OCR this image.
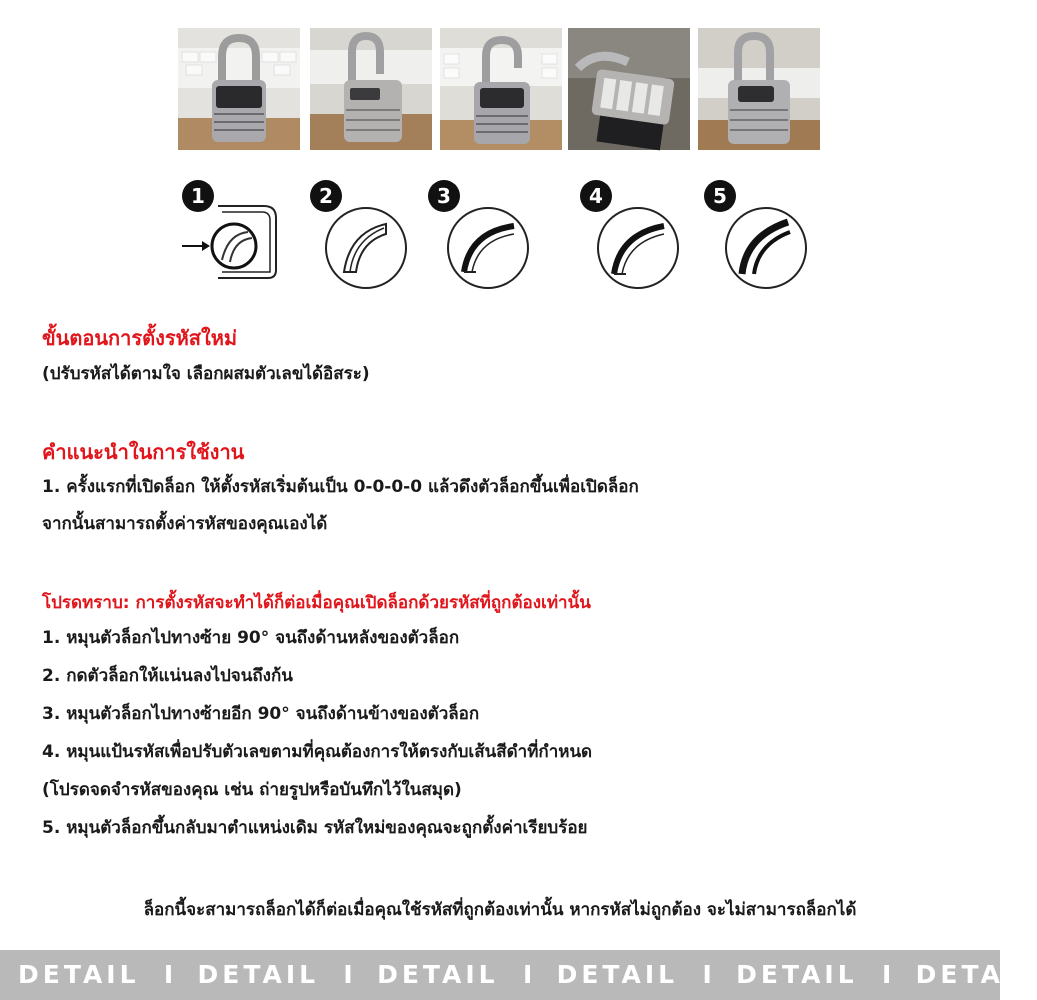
1	2	3	4	5
ขั้นตอนการตั้งรหัสใหม่
(ปรับรหัสได้ตามใจ เลือกผสมตัวเลขได้อิสระ)
คำแนะนำในการใช้งาน
1. ครั้งแรกที่เปิดล็อก ให้ตั้งรหัสเริ่มต้นเป็น 0-0-0-0 แล้วดึงตัวล็อกขึ้นเพื่อเปิดล็อก
จากนั้นสามารถตั้งค่ารหัสของคุณเองได้
โปรดทราบ: การตั้งรหัสจะทำได้ก็ต่อเมื่อคุณเปิดล็อกด้วยรหัสที่ถูกต้องเท่านั้น
1. หมุนตัวล็อกไปทางซ้าย 90° จนถึงด้านหลังของตัวล็อก
2. กดตัวล็อกให้แน่นลงไปจนถึงก้น
3. หมุนตัวล็อกไปทางซ้ายอีก 90° จนถึงด้านข้างของตัวล็อก
4. หมุนแป้นรหัสเพื่อปรับตัวเลขตามที่คุณต้องการให้ตรงกับเส้นสีดำที่กำหนด
(โปรดจดจำรหัสของคุณ เช่น ถ่ายรูปหรือบันทึกไว้ในสมุด)
5. หมุนตัวล็อกขึ้นกลับมาตำแหน่งเดิม รหัสใหม่ของคุณจะถูกตั้งค่าเรียบร้อย
ล็อกนี้จะสามารถล็อกได้ก็ต่อเมื่อคุณใช้รหัสที่ถูกต้องเท่านั้น หากรหัสไม่ถูกต้อง จะไม่สามารถล็อกได้
DETAIL I DETAIL I DETAIL I DETAIL I DETAIL I DETAIL
